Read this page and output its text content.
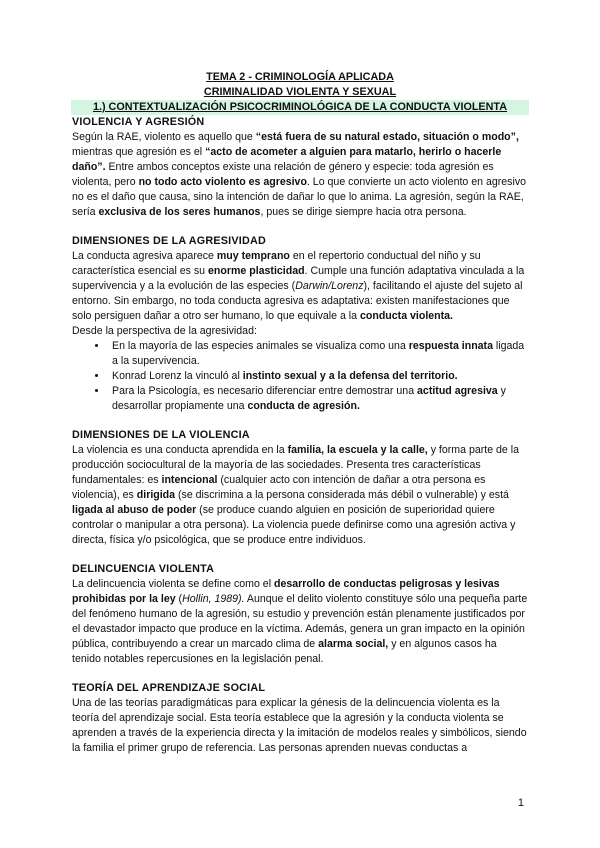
TEMA 2 - CRIMINOLOGÍA APLICADA
CRIMINALIDAD VIOLENTA Y SEXUAL
1.) CONTEXTUALIZACIÓN PSICOCRIMINOLÓGICA DE LA CONDUCTA VIOLENTA
VIOLENCIA Y AGRESIÓN

Según la RAE, violento es aquello que “está fuera de su natural estado, situación o modo”, mientras que agresión es el “acto de acometer a alguien para matarlo, herirlo o hacerle daño”. Entre ambos conceptos existe una relación de género y especie: toda agresión es violenta, pero no todo acto violento es agresivo. Lo que convierte un acto violento en agresivo no es el daño que causa, sino la intención de dañar lo que lo anima. La agresión, según la RAE, sería exclusiva de los seres humanos, pues se dirige siempre hacia otra persona.

DIMENSIONES DE LA AGRESIVIDAD

La conducta agresiva aparece muy temprano en el repertorio conductual del niño y su característica esencial es su enorme plasticidad. Cumple una función adaptativa vinculada a la supervivencia y a la evolución de las especies (Darwin/Lorenz), facilitando el ajuste del sujeto al entorno. Sin embargo, no toda conducta agresiva es adaptativa: existen manifestaciones que solo persiguen dañar a otro ser humano, lo que equivale a la conducta violenta.

Desde la perspectiva de la agresividad:

• En la mayoría de las especies animales se visualiza como una respuesta innata ligada a la supervivencia.
• Konrad Lorenz la vinculó al instinto sexual y a la defensa del territorio.
• Para la Psicología, es necesario diferenciar entre demostrar una actitud agresiva y desarrollar propiamente una conducta de agresión.
DIMENSIONES DE LA VIOLENCIA

La violencia es una conducta aprendida en la familia, la escuela y la calle, y forma parte de la producción sociocultural de la mayoría de las sociedades. Presenta tres características fundamentales: es intencional (cualquier acto con intención de dañar a otra persona es violencia), es dirigida (se discrimina a la persona considerada más débil o vulnerable) y está ligada al abuso de poder (se produce cuando alguien en posición de superioridad quiere controlar o manipular a otra persona). La violencia puede definirse como una agresión activa y directa, física y/o psicológica, que se produce entre individuos.

DELINCUENCIA VIOLENTA

La delincuencia violenta se define como el desarrollo de conductas peligrosas y lesivas prohibidas por la ley (Hollin, 1989). Aunque el delito violento constituye sólo una pequeña parte del fenómeno humano de la agresión, su estudio y prevención están plenamente justificados por el devastador impacto que produce en la víctima. Además, genera un gran impacto en la opinión pública, contribuyendo a crear un marcado clima de alarma social, y en algunos casos ha tenido notables repercusiones en la legislación penal.

TEORÍA DEL APRENDIZAJE SOCIAL

Una de las teorías paradigmáticas para explicar la génesis de la delincuencia violenta es la teoría del aprendizaje social. Esta teoría establece que la agresión y la conducta violenta se aprenden a través de la experiencia directa y la imitación de modelos reales y simbólicos, siendo la familia el primer grupo de referencia. Las personas aprenden nuevas conductas a

1
